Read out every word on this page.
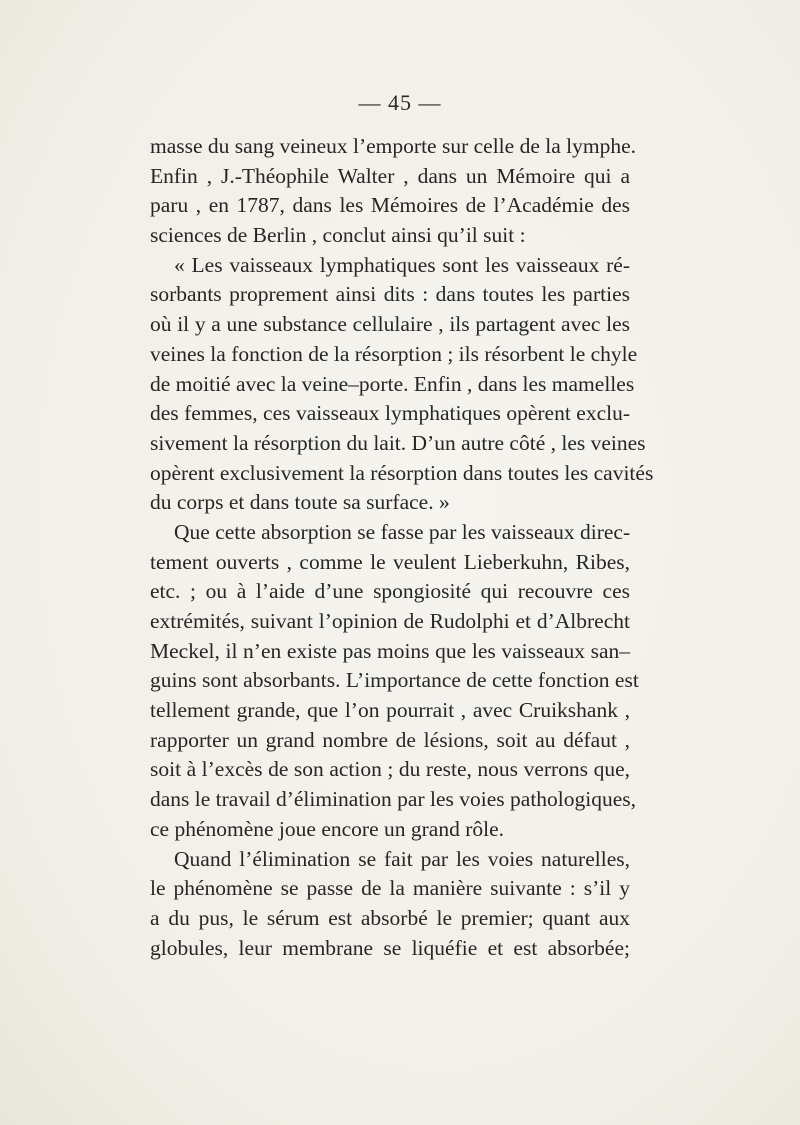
— 45 —
masse du sang veineux l’emporte sur celle de la lymphe.
Enfin , J.-Théophile Walter , dans un Mémoire qui a
paru , en 1787, dans les Mémoires de l’Académie des
sciences de Berlin , conclut ainsi qu’il suit :
« Les vaisseaux lymphatiques sont les vaisseaux ré-
sorbants proprement ainsi dits : dans toutes les parties
où il y a une substance cellulaire , ils partagent avec les
veines la fonction de la résorption ; ils résorbent le chyle
de moitié avec la veine–porte. Enfin , dans les mamelles
des femmes, ces vaisseaux lymphatiques opèrent exclu-
sivement la résorption du lait. D’un autre côté , les veines
opèrent exclusivement la résorption dans toutes les cavités
du corps et dans toute sa surface. »
Que cette absorption se fasse par les vaisseaux direc-
tement ouverts , comme le veulent Lieberkuhn, Ribes,
etc. ; ou à l’aide d’une spongiosité qui recouvre ces
extrémités, suivant l’opinion de Rudolphi et d’Albrecht
Meckel, il n’en existe pas moins que les vaisseaux san–
guins sont absorbants. L’importance de cette fonction est
tellement grande, que l’on pourrait , avec Cruikshank ,
rapporter un grand nombre de lésions, soit au défaut ,
soit à l’excès de son action ; du reste, nous verrons que,
dans le travail d’élimination par les voies pathologiques,
ce phénomène joue encore un grand rôle.
Quand l’élimination se fait par les voies naturelles,
le phénomène se passe de la manière suivante : s’il y
a du pus, le sérum est absorbé le premier; quant aux
globules, leur membrane se liquéfie et est absorbée;
